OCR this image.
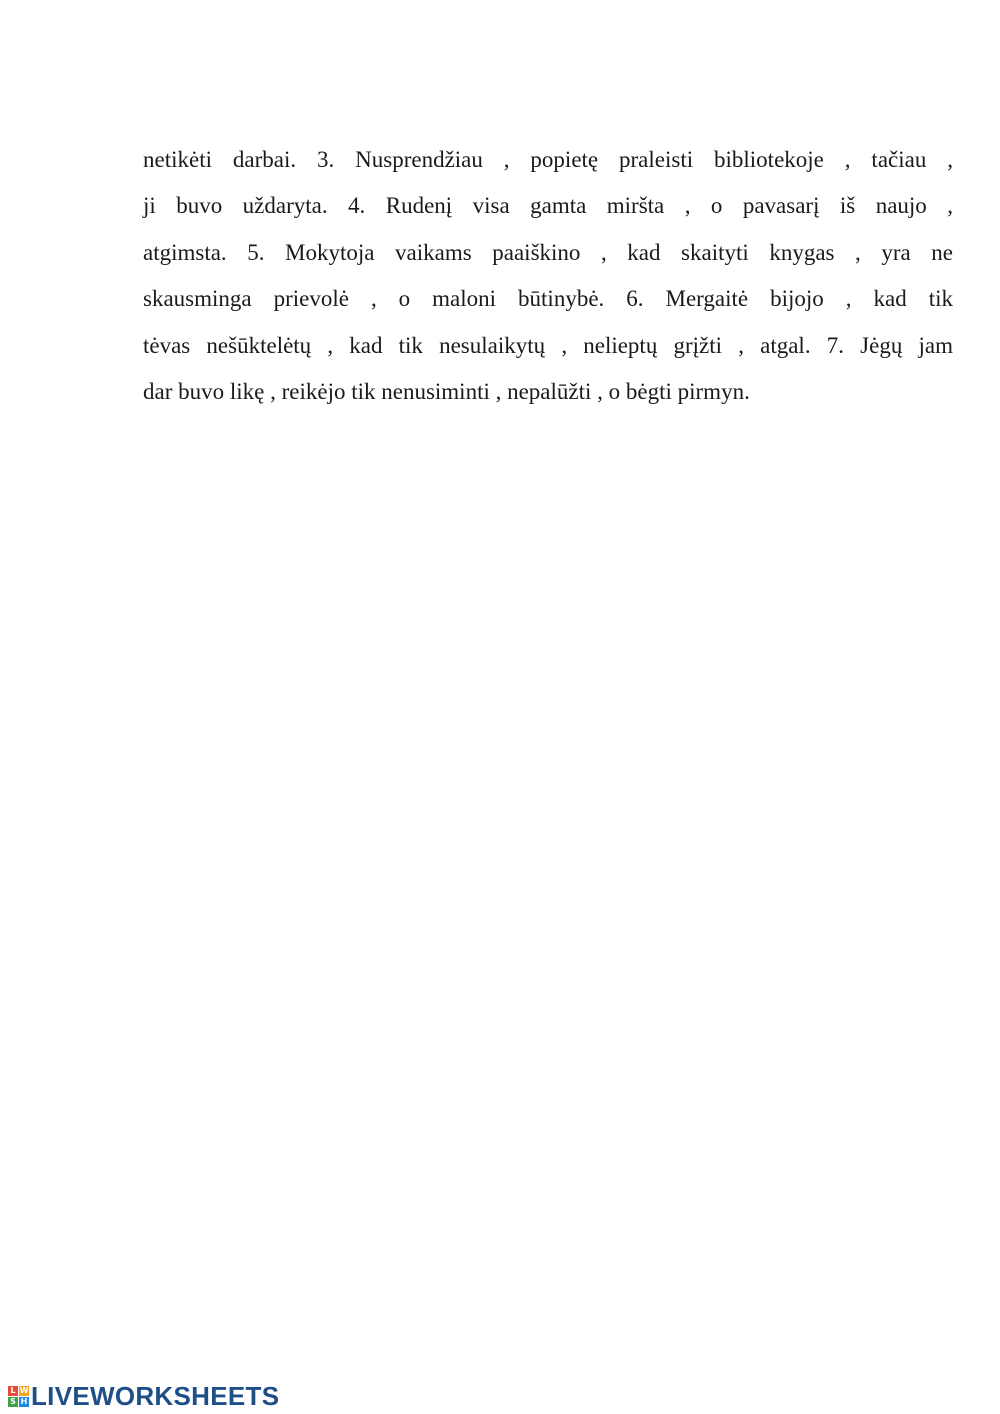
netikėti darbai. 3. Nusprendžiau , popietę praleisti bibliotekoje , tačiau ,
ji buvo uždaryta. 4. Rudenį visa gamta miršta , o pavasarį iš naujo ,
atgimsta. 5. Mokytoja vaikams paaiškino , kad skaityti knygas , yra ne
skausminga prievolė , o maloni būtinybė. 6. Mergaitė bijojo , kad tik
tėvas nešūktelėtų , kad tik nesulaikytų , nelieptų grįžti , atgal. 7. Jėgų jam
dar buvo likę , reikėjo tik nenusiminti , nepalūžti , o bėgti pirmyn.
L W
S H LIVEWORKSHEETS
